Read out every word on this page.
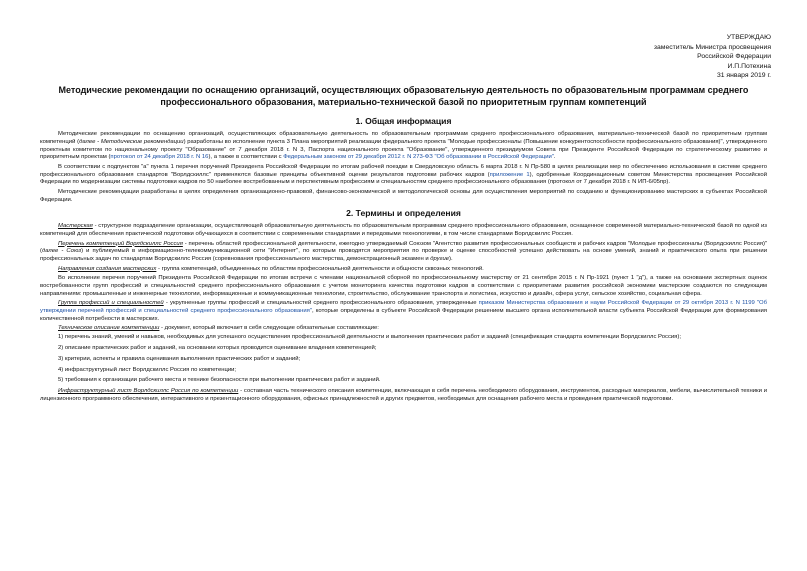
УТВЕРЖДАЮ
заместитель Министра просвещения
Российской Федерации
И.П.Потехина
31 января 2019 г.
Методические рекомендации по оснащению организаций, осуществляющих образовательную деятельность по образовательным программам среднего профессионального образования, материально-технической базой по приоритетным группам компетенций
1. Общая информация

Методические рекомендации по оснащению организаций, осуществляющих образовательную деятельность по образовательным программам среднего профессионального образования, материально-технической базой по приоритетным группам компетенций (далее - Методические рекомендации) разработаны во исполнение пункта 3 Плана мероприятий реализации федерального проекта "Молодые профессионалы (Повышение конкурентоспособности профессионального образования)", утвержденного проектным комитетом по национальному проекту "Образование" от 7 декабря 2018 г. N 3, Паспорта национального проекта "Образование", утвержденного президиумом Совета при Президенте Российской Федерации по стратегическому развитию и приоритетным проектам (протокол от 24 декабря 2018 г. N 16), а также в соответствии с Федеральным законом от 29 декабря 2012 г. N 273-ФЗ "Об образовании в Российской Федерации".

В соответствии с подпунктом "а" пункта 1 перечня поручений Президента Российской Федерации по итогам рабочей поездки в Свердловскую область 6 марта 2018 г. N Пр-580 в целях реализации мер по обеспечению использования в системе среднего профессионального образования стандартов "Ворлдскиллс" применяются базовые принципы объективной оценки результатов подготовки рабочих кадров (приложение 1), одобренные Координационным советом Министерства просвещения Российской Федерации по модернизации системы подготовки кадров по 50 наиболее востребованным и перспективным профессиям и специальностям среднего профессионального образования (протокол от 7 декабря 2018 г. N ИП-6/05пр).

Методические рекомендации разработаны в целях определения организационно-правовой, финансово-экономической и методологической основы для осуществления мероприятий по созданию и функционированию мастерских в субъектах Российской Федерации.

2. Термины и определения

Мастерская - структурное подразделение организации, осуществляющей образовательную деятельность по образовательным программам среднего профессионального образования, оснащенное современной материально-технической базой по одной из компетенций для обеспечения практической подготовки обучающихся в соответствии с современными стандартами и передовыми технологиями, в том числе стандартами Ворлдскиллс Россия.

Перечень компетенций Ворлдскиллс Россия - перечень областей профессиональной деятельности, ежегодно утверждаемый Союзом "Агентство развития профессиональных сообществ и рабочих кадров "Молодые профессионалы (Ворлдскиллс Россия)" (далее - Союз) и публикуемый в информационно-телекоммуникационной сети "Интернет", по которым проводятся мероприятия по проверке и оценке способностей успешно действовать на основе умений, знаний и практического опыта при решении профессиональных задач по стандартам Ворлдскиллс Россия (соревнования профессионального мастерства, демонстрационный экзамен и другие).

Направления создания мастерских - группа компетенций, объединенных по областям профессиональной деятельности и общности сквозных технологий.

Во исполнение перечня поручений Президента Российской Федерации по итогам встречи с членами национальной сборной по профессиональному мастерству от 21 сентября 2015 г. N Пр-1921 (пункт 1 "д"), а также на основании экспертных оценок востребованности групп профессий и специальностей среднего профессионального образования с учетом мониторинга качества подготовки кадров в соответствии с приоритетами развития российской экономики мастерские создаются по следующим направлениям: промышленные и инженерные технологии, информационные и коммуникационные технологии, строительство, обслуживание транспорта и логистика, искусство и дизайн, сфера услуг, сельское хозяйство, социальная сфера.

Группа профессий и специальностей - укрупненные группы профессий и специальностей среднего профессионального образования, утвержденные приказом Министерства образования и науки Российской Федерации от 29 октября 2013 г. N 1199 "Об утверждении перечней профессий и специальностей среднего профессионального образования", которые определены в субъекте Российской Федерации решением высшего органа исполнительной власти субъекта Российской Федерации для формирования количественной потребности в мастерских.

Техническое описание компетенции - документ, который включает в себя следующие обязательные составляющие:

1) перечень знаний, умений и навыков, необходимых для успешного осуществления профессиональной деятельности и выполнения практических работ и заданий (спецификация стандарта компетенции Ворлдскиллс Россия);

2) описание практических работ и заданий, на основании которых проводится оценивание владения компетенцией;

3) критерии, аспекты и правила оценивания выполнения практических работ и заданий;

4) инфраструктурный лист Ворлдскиллс Россия по компетенции;

5) требования к организации рабочего места и технике безопасности при выполнении практических работ и заданий.

Инфраструктурный лист Ворлдскиллс Россия по компетенции - составная часть технического описания компетенции, включающая в себя перечень необходимого оборудования, инструментов, расходных материалов, мебели, вычислительной техники и лицензионного программного обеспечения, интерактивного и презентационного оборудования, офисных принадлежностей и других предметов, необходимых для оснащения рабочего места и проведения практической подготовки.
